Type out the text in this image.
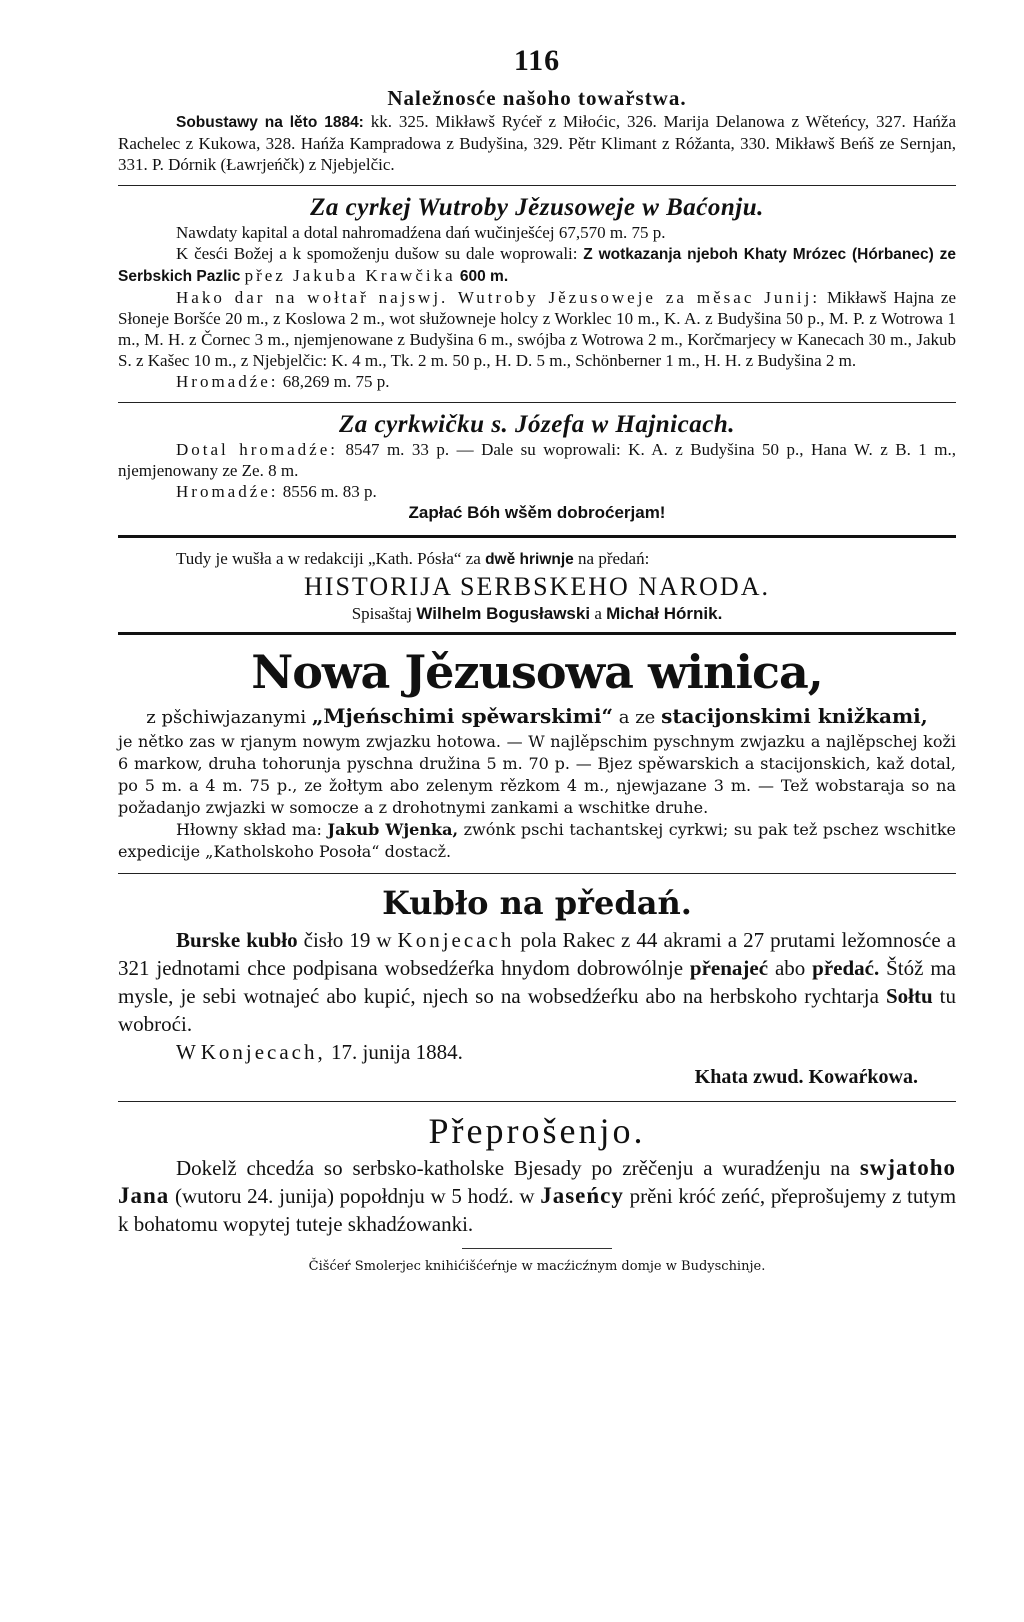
116
Naležnosće našoho towařstwa.

Sobustawy na lěto 1884: kk. 325. Mikławš Ryćeř z Miłoćic, 326. Marija Delanowa z Wěteńcy, 327. Hańža Rachelec z Kukowa, 328. Hańža Kampradowa z Budyšina, 329. Pětr Klimant z Róžanta, 330. Mikławš Beńš ze Sernjan, 331. P. Dórnik (Ławrjeńčk) z Njebjelčic.

Za cyrkej Wutroby Jězusoweje w Baćonju.

Nawdaty kapital a dotal nahromadźena dań wučinješćej 67,570 m. 75 p.

K česći Božej a k spomoženju dušow su dale woprowali: Z wotkazanja njeboh Khaty Mrózec (Hórbanec) ze Serbskich Pazlic přez Jakuba Krawčika 600 m.

Hako dar na wołtař najswj. Wutroby Jězusoweje za měsac Junij: Mikławš Hajna ze Słoneje Boršće 20 m., z Koslowa 2 m., wot słužowneje holcy z Worklec 10 m., K. A. z Budyšina 50 p., M. P. z Wotrowa 1 m., M. H. z Čornec 3 m., njemjenowane z Budyšina 6 m., swójba z Wotrowa 2 m., Korčmarjecy w Kanecach 30 m., Jakub S. z Kašec 10 m., z Njebjelčic: K. 4 m., Tk. 2 m. 50 p., H. D. 5 m., Schönberner 1 m., H. H. z Budyšina 2 m.

Hromadźe: 68,269 m. 75 p.

Za cyrkwičku s. Józefa w Hajnicach.

Dotal hromadźe: 8547 m. 33 p. — Dale su woprowali: K. A. z Budyšina 50 p., Hana W. z B. 1 m., njemjenowany ze Ze. 8 m.

Hromadźe: 8556 m. 83 p.

Zapłać Bóh wšěm dobroćerjam!

Tudy je wušła a w redakciji „Kath. Pósła“ za dwě hriwnje na předań:

HISTORIJA SERBSKEHO NARODA.
Spisaštaj Wilhelm Bogusławski a Michał Hórnik.
Nowa Jězusowa winica,
z pšchiwjazanymi „Mjeńschimi spěwarskimi“ a ze stacijonskimi knižkami,

je nětko zas w rjanym nowym zwjazku hotowa. — W najlěpschim pyschnym zwjazku a najlěpschej koži 6 markow, druha tohorunja pyschna družina 5 m. 70 p. — Bjez spěwarskich a stacijonskich, kaž dotal, po 5 m. a 4 m. 75 p., ze žołtym abo zelenym rězkom 4 m., njewjazane 3 m. — Tež wobstaraja so na požadanjo zwjazki w somocze a z drohotnymi zankami a wschitke druhe.

Hłowny skład ma: Jakub Wjenka, zwónk pschi tachantskej cyrkwi; su pak tež pschez wschitke expedicije „Katholskoho Posoła“ dostacž.

Kubło na předań.

Burske kubło čisło 19 w Konjecach pola Rakec z 44 akrami a 27 prutami ležomnosće a 321 jednotami chce podpisana wobsedźeŕka hnydom dobrowólnje přenajeć abo předać. Štóž ma mysle, je sebi wotnajeć abo kupić, njech so na wobsedźeŕku abo na herbskoho rychtarja Sołtu tu wobroći.

W Konjecach, 17. junija 1884.

Khata zwud. Kowaŕkowa.
Přeprošenjo.

Dokelž chcedźa so serbsko-katholske Bjesady po zrěčenju a wuradźenju na swjatoho Jana (wutoru 24. junija) popołdnju w 5 hodź. w Jaseńcy prěni króć zeńć, přeprošujemy z tutym k bohatomu wopytej tuteje skhadźowanki.

Čišćeŕ Smolerjec knihićišćeŕnje w macźicźnym domje w Budyschinje.
